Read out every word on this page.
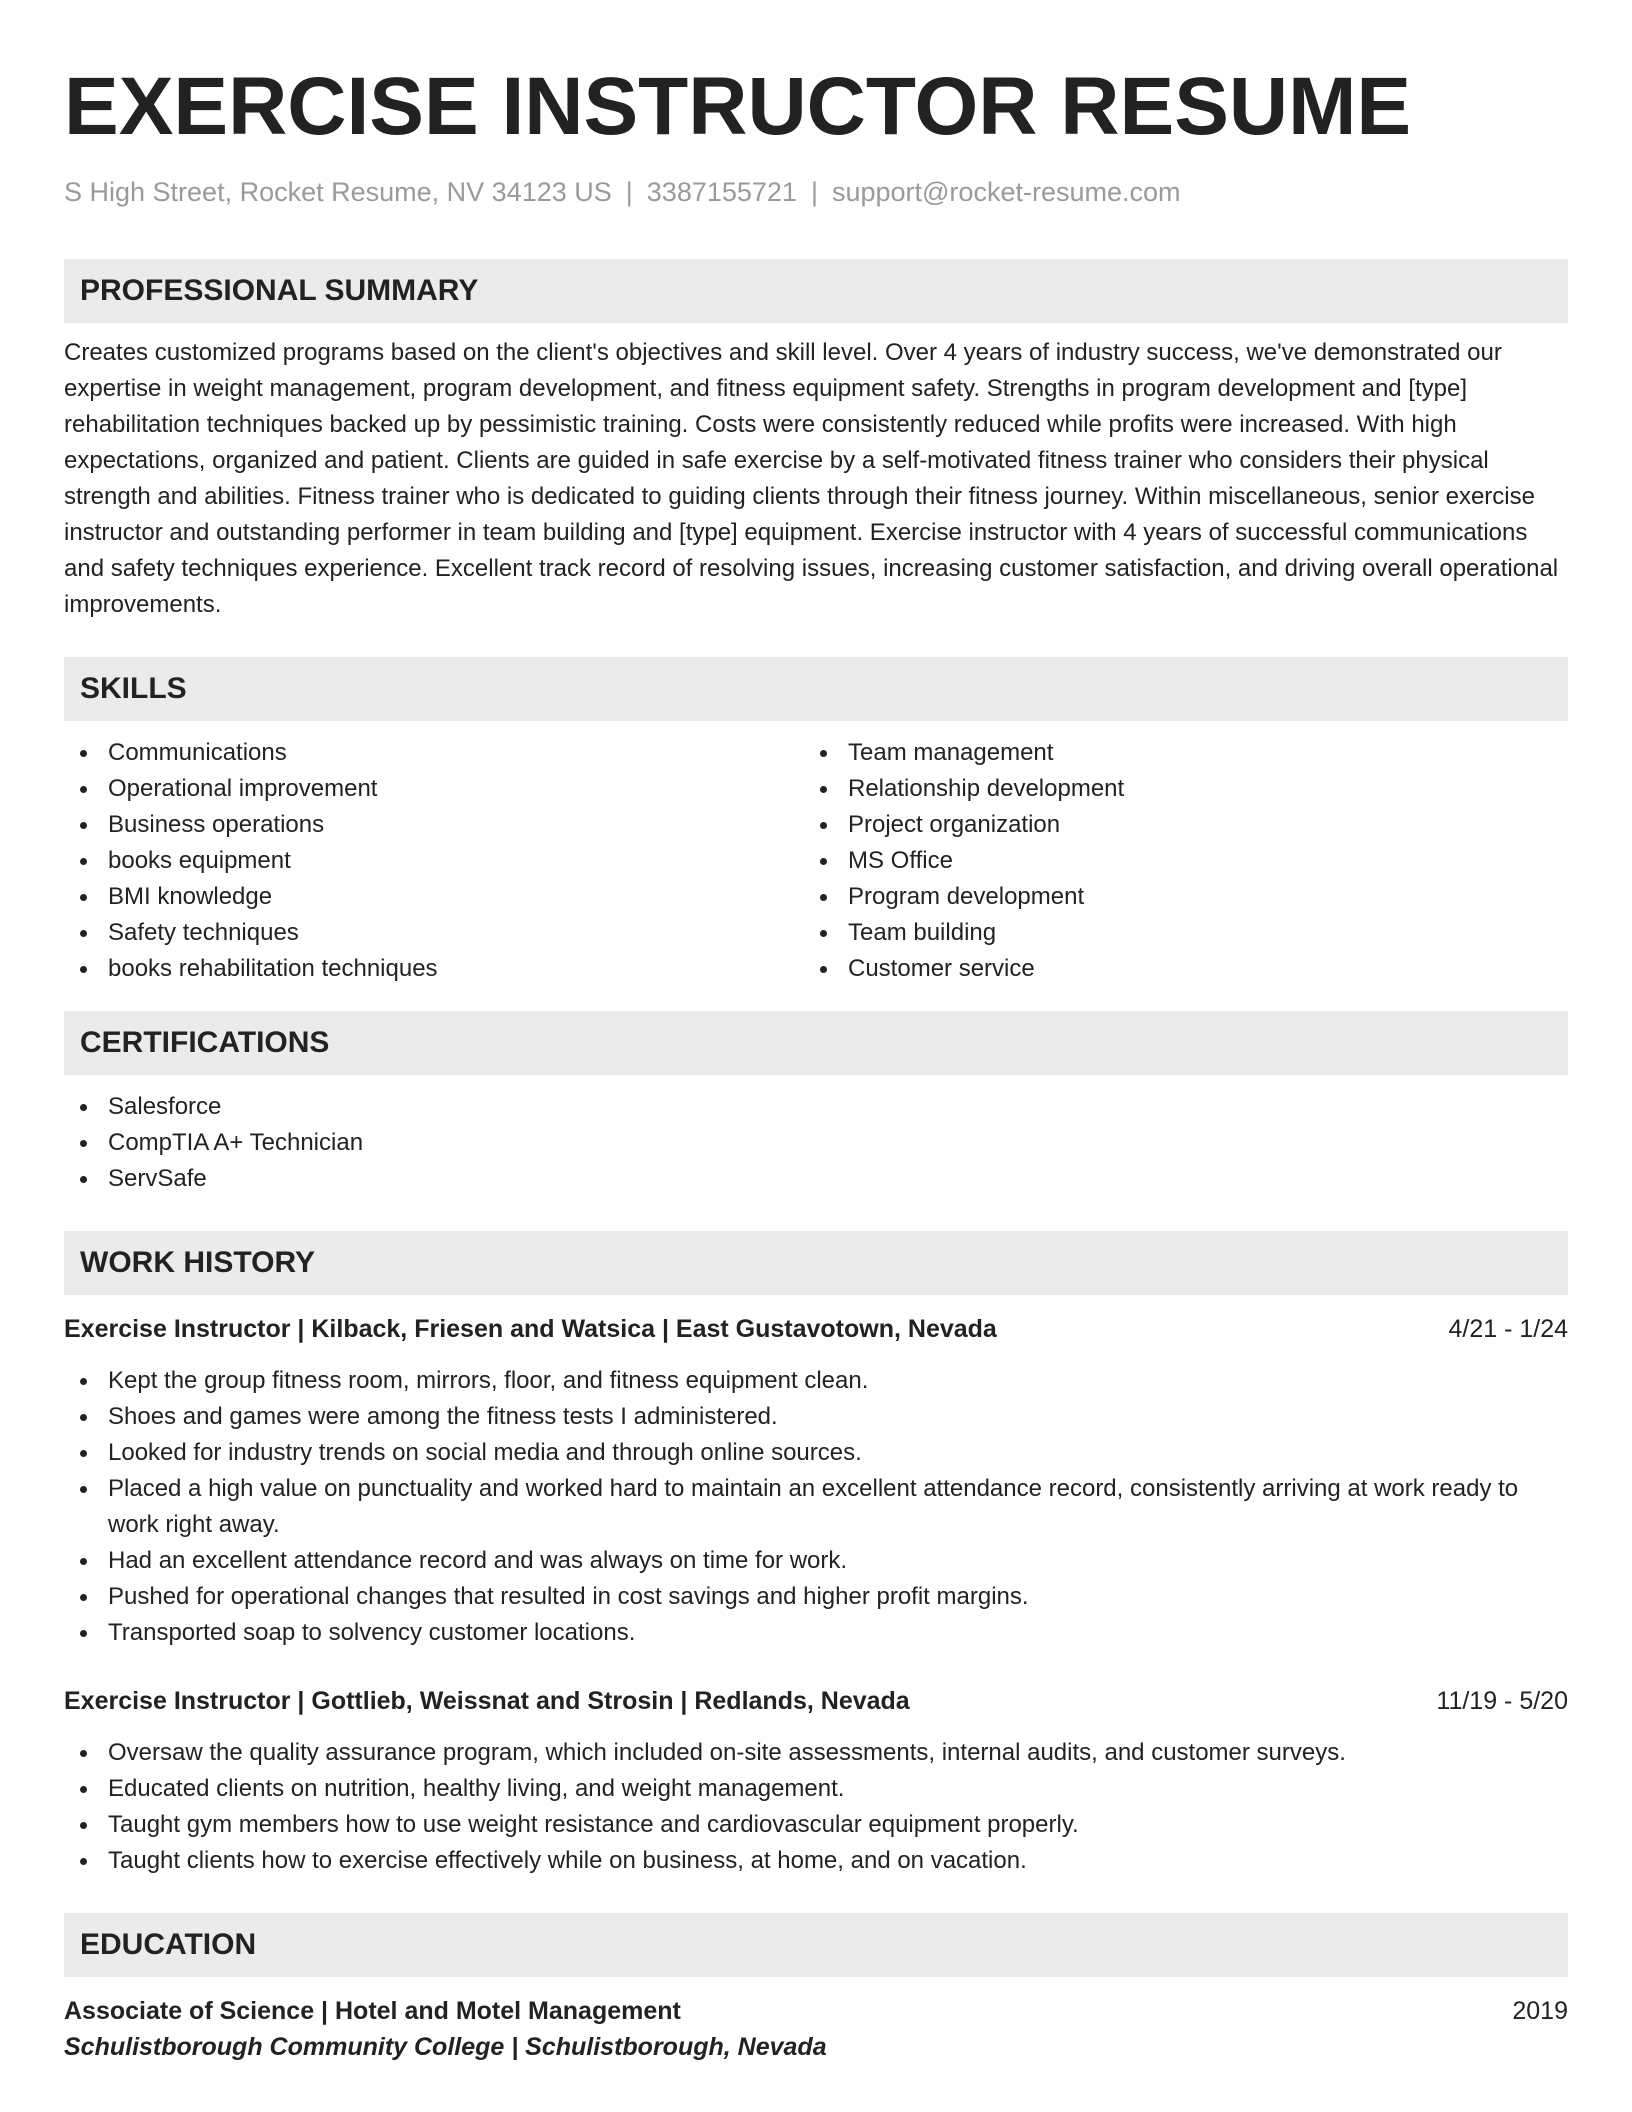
EXERCISE INSTRUCTOR RESUME
S High Street, Rocket Resume, NV 34123 US | 3387155721 | support@rocket-resume.com
PROFESSIONAL SUMMARY

Creates customized programs based on the client's objectives and skill level. Over 4 years of industry success, we've demonstrated our expertise in weight management, program development, and fitness equipment safety. Strengths in program development and [type] rehabilitation techniques backed up by pessimistic training. Costs were consistently reduced while profits were increased. With high expectations, organized and patient. Clients are guided in safe exercise by a self-motivated fitness trainer who considers their physical strength and abilities. Fitness trainer who is dedicated to guiding clients through their fitness journey. Within miscellaneous, senior exercise instructor and outstanding performer in team building and [type] equipment. Exercise instructor with 4 years of successful communications and safety techniques experience. Excellent track record of resolving issues, increasing customer satisfaction, and driving overall operational improvements.

SKILLS
Communications
Operational improvement
Business operations
books equipment
BMI knowledge
Safety techniques
books rehabilitation techniques
Team management
Relationship development
Project organization
MS Office
Program development
Team building
Customer service
CERTIFICATIONS
Salesforce
CompTIA A+ Technician
ServSafe
WORK HISTORY
Exercise Instructor | Kilback, Friesen and Watsica | East Gustavotown, Nevada	4/21 - 1/24
Kept the group fitness room, mirrors, floor, and fitness equipment clean.
Shoes and games were among the fitness tests I administered.
Looked for industry trends on social media and through online sources.
Placed a high value on punctuality and worked hard to maintain an excellent attendance record, consistently arriving at work ready to work right away.
Had an excellent attendance record and was always on time for work.
Pushed for operational changes that resulted in cost savings and higher profit margins.
Transported soap to solvency customer locations.
Exercise Instructor | Gottlieb, Weissnat and Strosin | Redlands, Nevada	11/19 - 5/20
Oversaw the quality assurance program, which included on-site assessments, internal audits, and customer surveys.
Educated clients on nutrition, healthy living, and weight management.
Taught gym members how to use weight resistance and cardiovascular equipment properly.
Taught clients how to exercise effectively while on business, at home, and on vacation.
EDUCATION
Associate of Science | Hotel and Motel Management	2019
Schulistborough Community College | Schulistborough, Nevada
